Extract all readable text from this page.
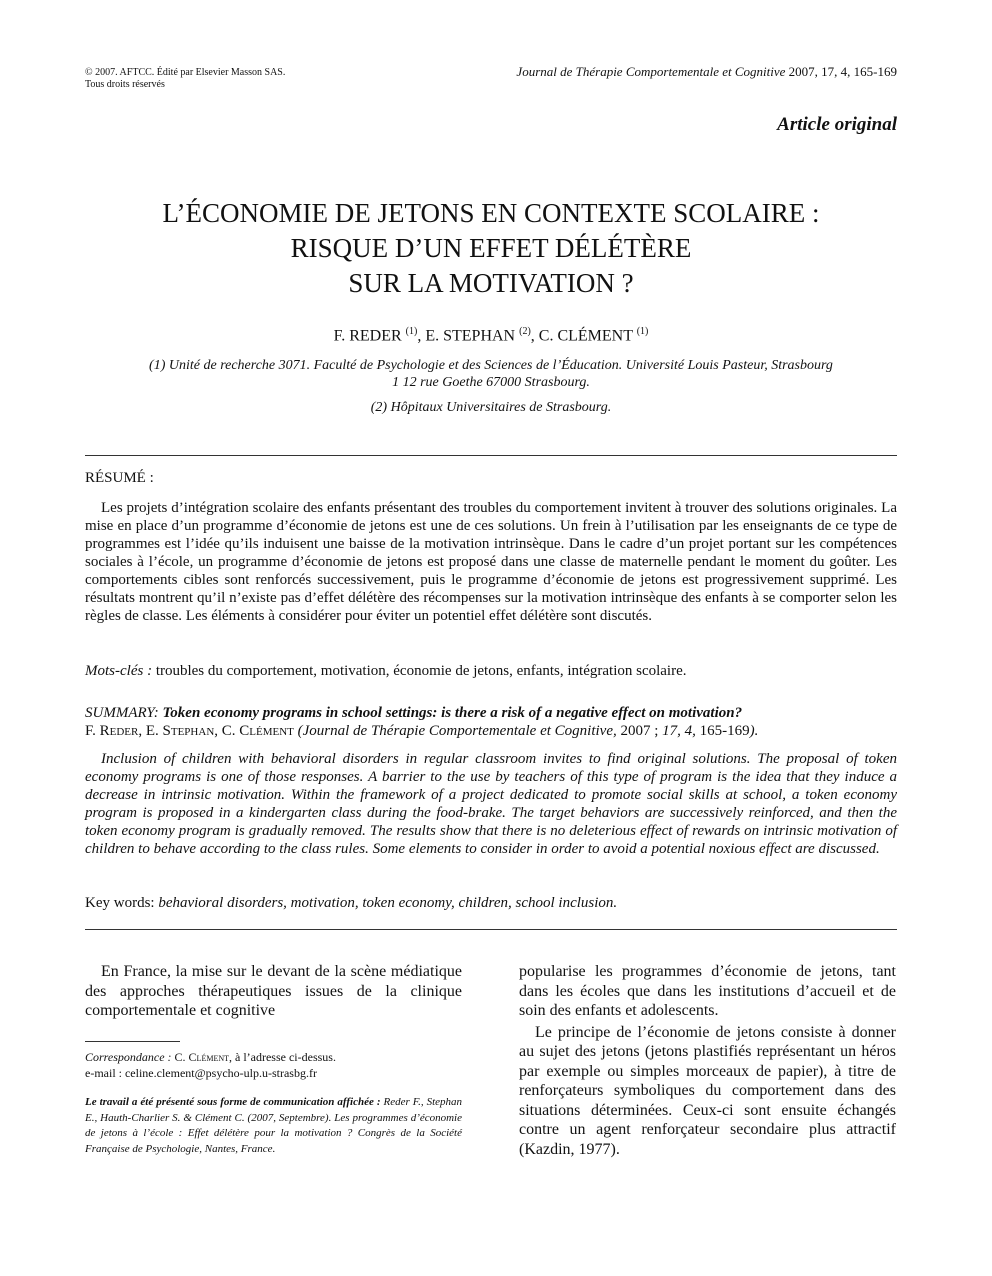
© 2007. AFTCC. Édité par Elsevier Masson SAS.
Tous droits réservés
Journal de Thérapie Comportementale et Cognitive 2007, 17, 4, 165-169
Article original
L’ÉCONOMIE DE JETONS EN CONTEXTE SCOLAIRE :
RISQUE D’UN EFFET DÉLÉTÈRE
SUR LA MOTIVATION ?
F. REDER $^{(1)}$, E. STEPHAN $^{(2)}$, C. CLÉMENT $^{(1)}$
(1) Unité de recherche 3071. Faculté de Psychologie et des Sciences de l’Éducation. Université Louis Pasteur, Strasbourg
1 12 rue Goethe 67000 Strasbourg.
(2) Hôpitaux Universitaires de Strasbourg.
RÉSUMÉ :
Les projets d’intégration scolaire des enfants présentant des troubles du comportement invitent à trouver des solutions originales. La mise en place d’un programme d’économie de jetons est une de ces solutions. Un frein à l’utilisation par les enseignants de ce type de programmes est l’idée qu’ils induisent une baisse de la motivation intrinsèque. Dans le cadre d’un projet portant sur les compétences sociales à l’école, un programme d’économie de jetons est proposé dans une classe de maternelle pendant le moment du goûter. Les comportements cibles sont renforcés successivement, puis le programme d’économie de jetons est progressivement supprimé. Les résultats montrent qu’il n’existe pas d’effet délétère des récompenses sur la motivation intrinsèque des enfants à se comporter selon les règles de classe. Les éléments à considérer pour éviter un potentiel effet délétère sont discutés.
Mots-clés : troubles du comportement, motivation, économie de jetons, enfants, intégration scolaire.
SUMMARY: Token economy programs in school settings: is there a risk of a negative effect on motivation?
F. Reder, E. Stephan, C. Clément (Journal de Thérapie Comportementale et Cognitive, 2007 ; 17, 4, 165-169).
Inclusion of children with behavioral disorders in regular classroom invites to find original solutions. The proposal of token economy programs is one of those responses. A barrier to the use by teachers of this type of program is the idea that they induce a decrease in intrinsic motivation. Within the framework of a project dedicated to promote social skills at school, a token economy program is proposed in a kindergarten class during the food-brake. The target behaviors are successively reinforced, and then the token economy program is gradually removed. The results show that there is no deleterious effect of rewards on intrinsic motivation of children to behave according to the class rules. Some elements to consider in order to avoid a potential noxious effect are discussed.
Key words: behavioral disorders, motivation, token economy, children, school inclusion.
En France, la mise sur le devant de la scène médiatique des approches thérapeutiques issues de la clinique comportementale et cognitive
popularise les programmes d’économie de jetons, tant dans les écoles que dans les institutions d’accueil et de soin des enfants et adolescents.
Le principe de l’économie de jetons consiste à donner au sujet des jetons (jetons plastifiés représentant un héros par exemple ou simples morceaux de papier), à titre de renforçateurs symboliques du comportement dans des situations déterminées. Ceux-ci sont ensuite échangés contre un agent renforçateur secondaire plus attractif (Kazdin, 1977).
Correspondance : C. Clément, à l’adresse ci-dessus.
e-mail : celine.clement@psycho-ulp.u-strasbg.fr
Le travail a été présenté sous forme de communication affichée : Reder F., Stephan E., Hauth-Charlier S. & Clément C. (2007, Septembre). Les programmes d’économie de jetons à l’école : Effet délétère pour la motivation ? Congrès de la Société Française de Psychologie, Nantes, France.
